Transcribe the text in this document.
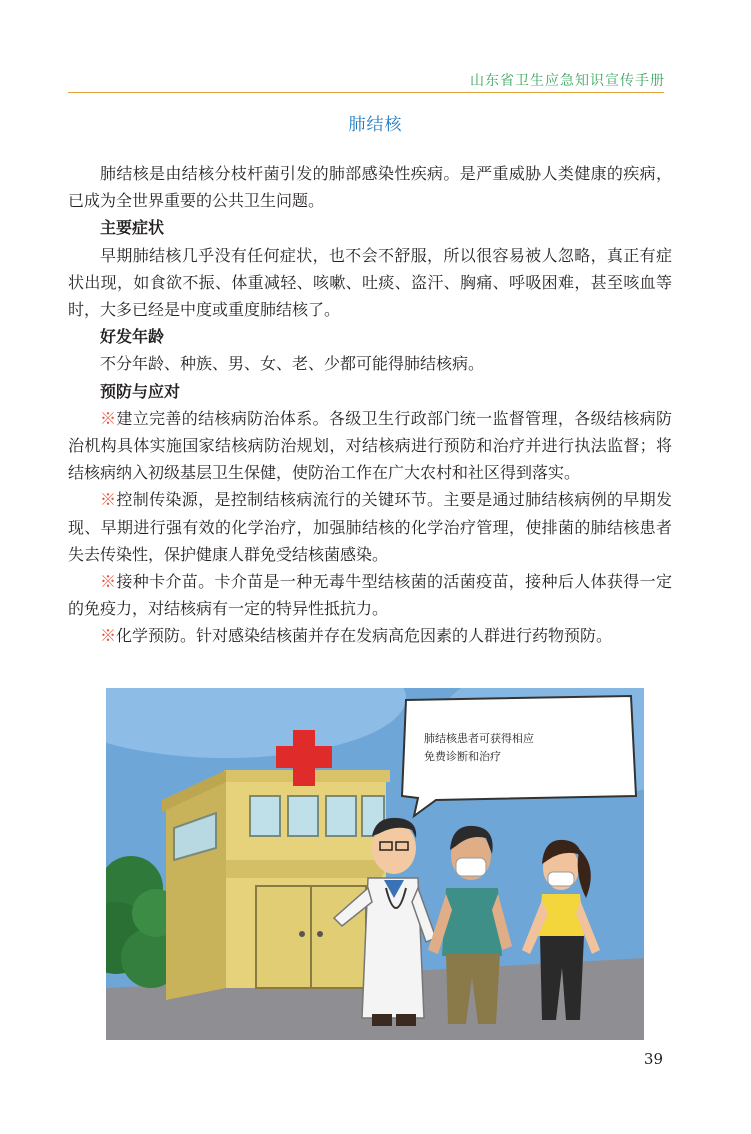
山东省卫生应急知识宣传手册
肺结核

肺结核是由结核分枝杆菌引发的肺部感染性疾病。是严重威胁人类健康的疾病，已成为全世界重要的公共卫生问题。

主要症状

早期肺结核几乎没有任何症状，也不会不舒服，所以很容易被人忽略，真正有症状出现，如食欲不振、体重减轻、咳嗽、吐痰、盗汗、胸痛、呼吸困难，甚至咳血等时，大多已经是中度或重度肺结核了。

好发年龄

不分年龄、种族、男、女、老、少都可能得肺结核病。

预防与应对

※建立完善的结核病防治体系。各级卫生行政部门统一监督管理，各级结核病防治机构具体实施国家结核病防治规划，对结核病进行预防和治疗并进行执法监督；将结核病纳入初级基层卫生保健，使防治工作在广大农村和社区得到落实。

※控制传染源，是控制结核病流行的关键环节。主要是通过肺结核病例的早期发现、早期进行强有效的化学治疗，加强肺结核的化学治疗管理，使排菌的肺结核患者失去传染性，保护健康人群免受结核菌感染。

※接种卡介苗。卡介苗是一种无毒牛型结核菌的活菌疫苗，接种后人体获得一定的免疫力，对结核病有一定的特异性抵抗力。

※化学预防。针对感染结核菌并存在发病高危因素的人群进行药物预防。

肺结核患者可获得相应
免费诊断和治疗
39
